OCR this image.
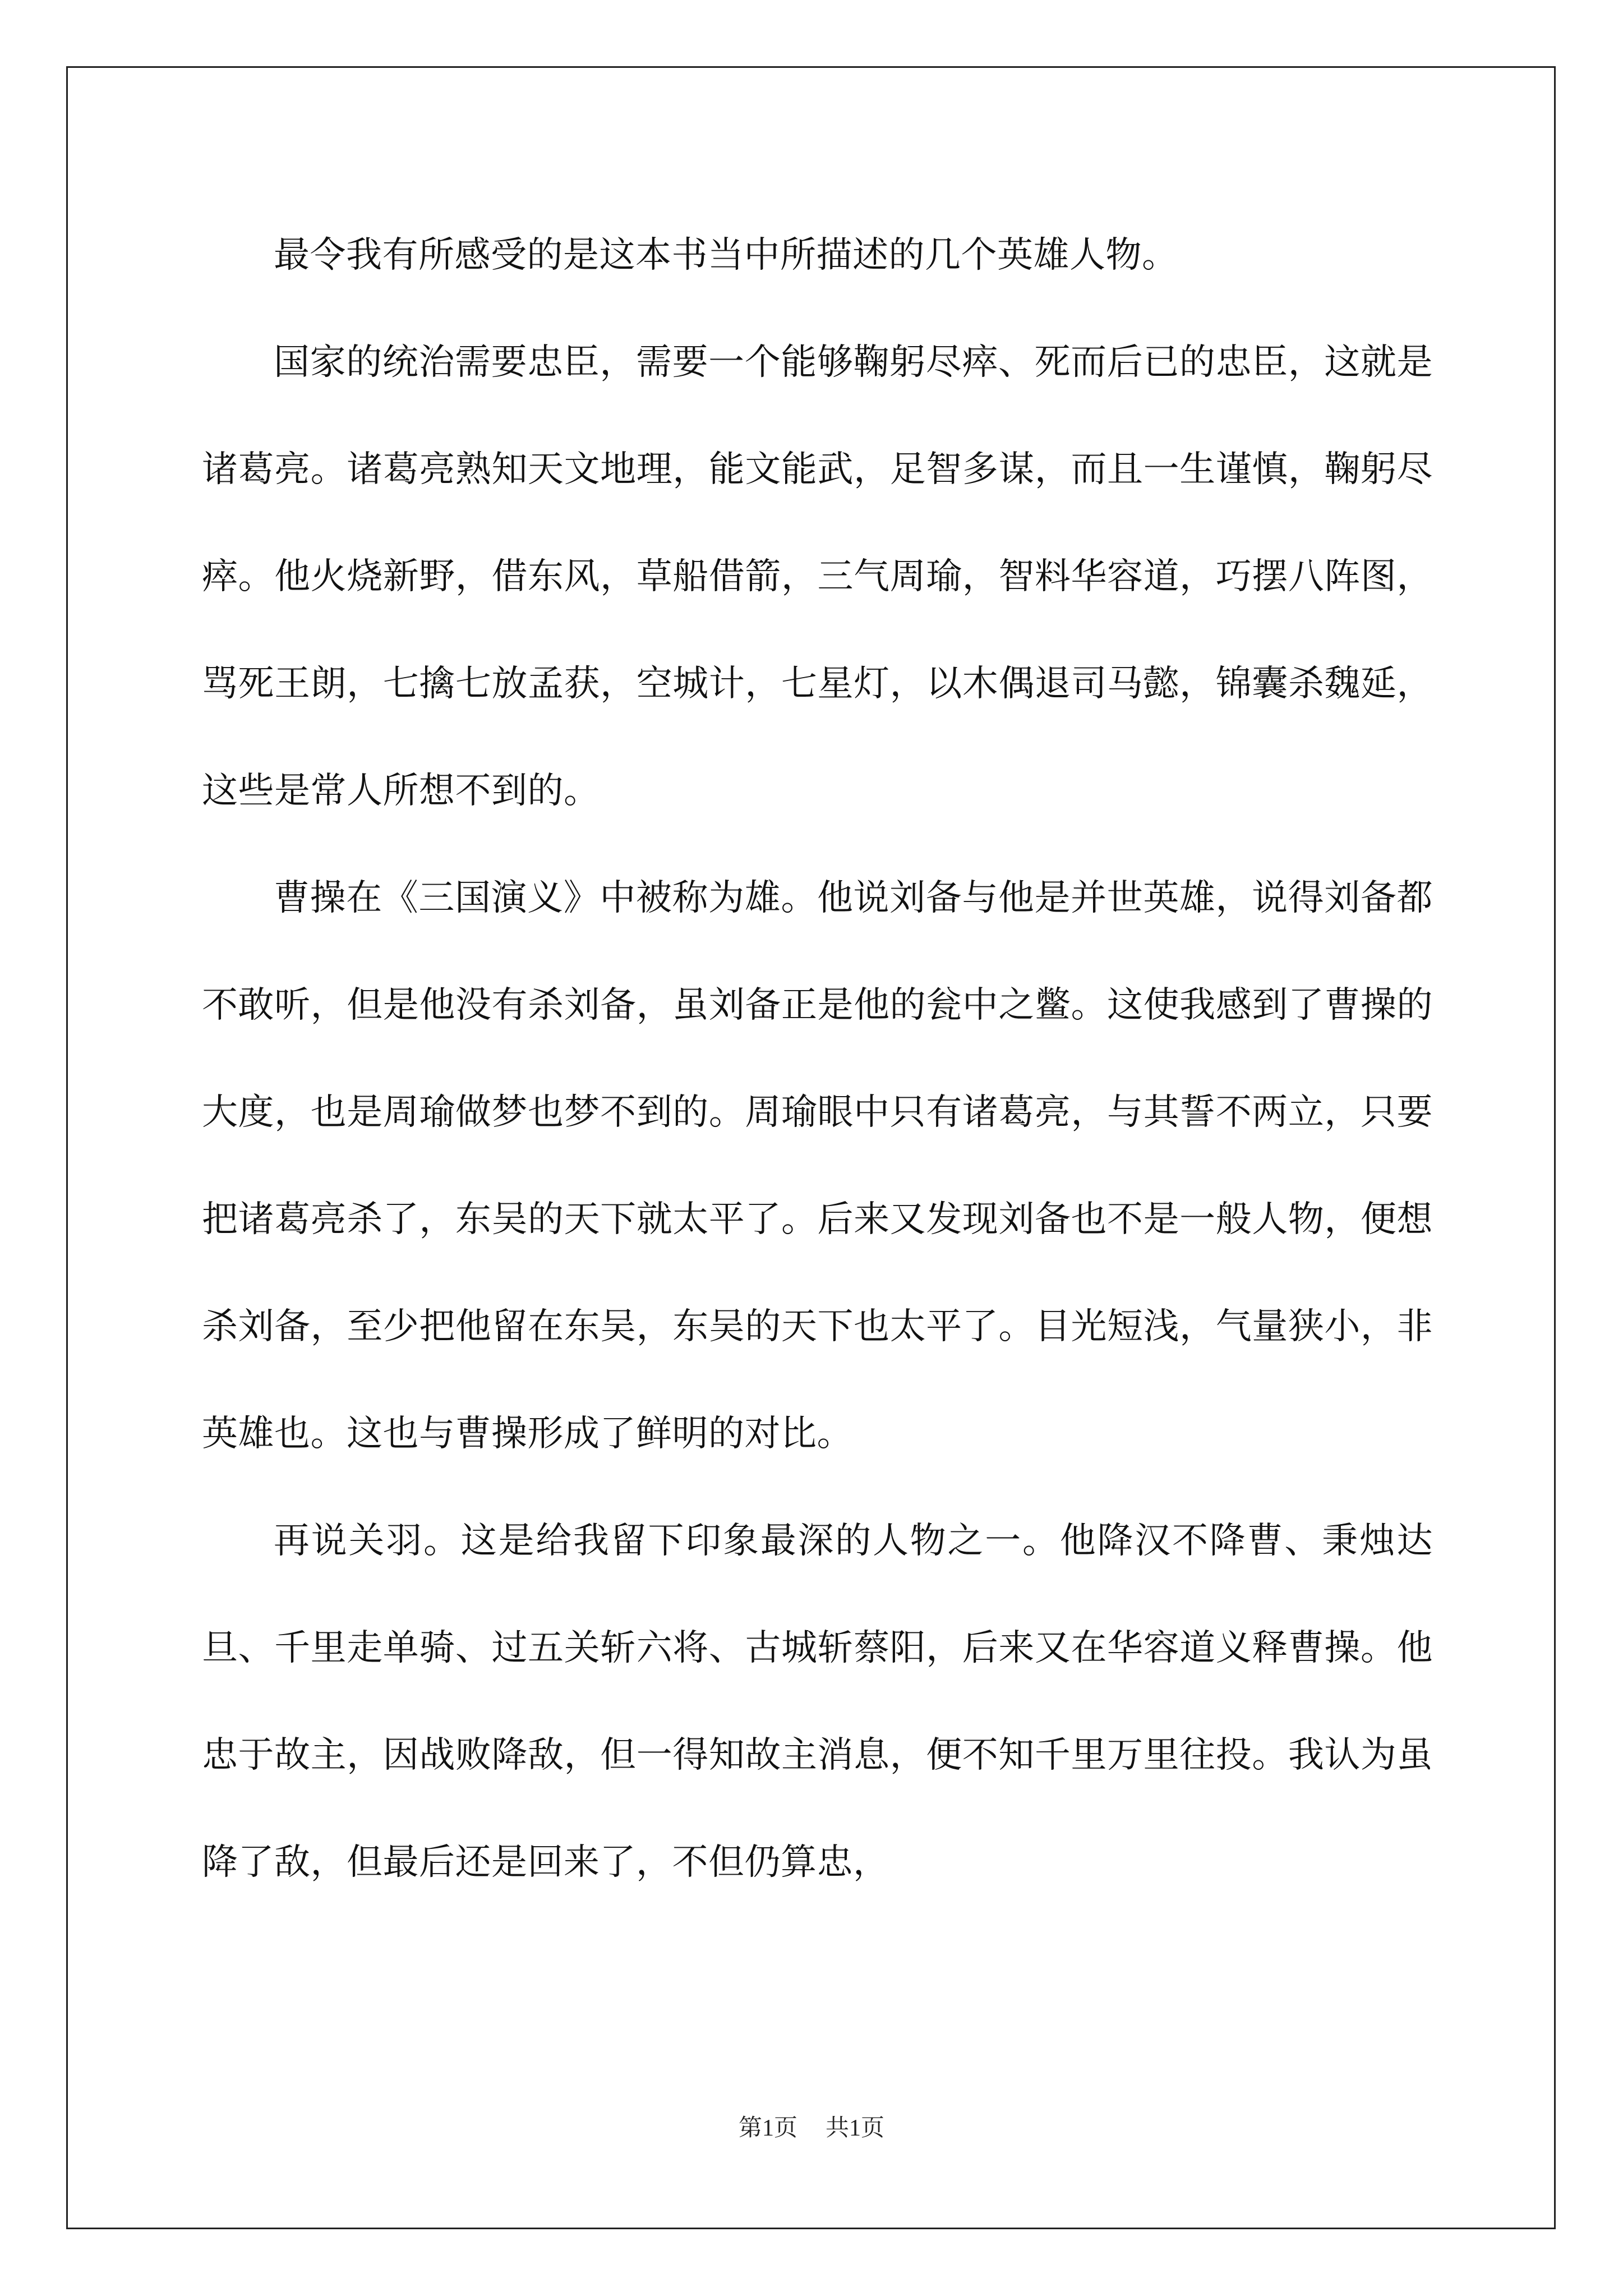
最令我有所感受的是这本书当中所描述的几个英雄人物。

国家的统治需要忠臣，需要一个能够鞠躬尽瘁、死而后已的忠臣，这就是诸葛亮。诸葛亮熟知天文地理，能文能武，足智多谋，而且一生谨慎，鞠躬尽瘁。他火烧新野，借东风，草船借箭，三气周瑜，智料华容道，巧摆八阵图，骂死王朗，七擒七放孟获，空城计，七星灯，以木偶退司马懿，锦囊杀魏延，这些是常人所想不到的。

曹操在《三国演义》中被称为雄。他说刘备与他是并世英雄，说得刘备都不敢听，但是他没有杀刘备，虽刘备正是他的瓮中之鳖。这使我感到了曹操的大度，也是周瑜做梦也梦不到的。周瑜眼中只有诸葛亮，与其誓不两立，只要把诸葛亮杀了，东吴的天下就太平了。后来又发现刘备也不是一般人物，便想杀刘备，至少把他留在东吴，东吴的天下也太平了。目光短浅，气量狭小，非英雄也。这也与曹操形成了鲜明的对比。

再说关羽。这是给我留下印象最深的人物之一。他降汉不降曹、秉烛达旦、千里走单骑、过五关斩六将、古城斩蔡阳，后来又在华容道义释曹操。他忠于故主，因战败降敌，但一得知故主消息，便不知千里万里往投。我认为虽降了敌，但最后还是回来了，不但仍算忠，

第1页 共1页
